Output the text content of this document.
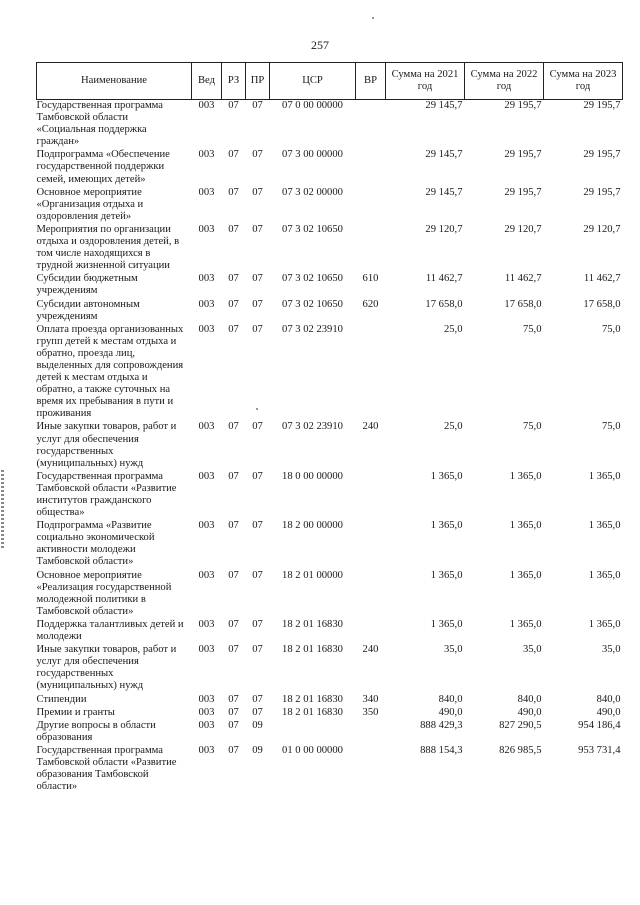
257
Наименование	Вед	РЗ	ПР	ЦСР	ВР	Сумма на 2021 год	Сумма на 2022 год	Сумма на 2023 год
Государственная программа Тамбовской области «Социальная поддержка граждан»	003	07	07	07 0 00 00000		29 145,7	29 195,7	29 195,7
Подпрограмма «Обеспечение государственной поддержки семей, имеющих детей»	003	07	07	07 3 00 00000		29 145,7	29 195,7	29 195,7
Основное мероприятие «Организация отдыха и оздоровления детей»	003	07	07	07 3 02 00000		29 145,7	29 195,7	29 195,7
Мероприятия по организации отдыха и оздоровления детей, в том числе находящихся в трудной жизненной ситуации	003	07	07	07 3 02 10650		29 120,7	29 120,7	29 120,7
Субсидии бюджетным учреждениям	003	07	07	07 3 02 10650	610	11 462,7	11 462,7	11 462,7
Субсидии автономным учреждениям	003	07	07	07 3 02 10650	620	17 658,0	17 658,0	17 658,0
Оплата проезда организованных групп детей к местам отдыха и обратно, проезда лиц, выделенных для сопровождения детей к местам отдыха и обратно, а также суточных на время их пребывания в пути и проживания	003	07	07	07 3 02 23910		25,0	75,0	75,0
Иные закупки товаров, работ и услуг для обеспечения государственных (муниципальных) нужд	003	07	07	07 3 02 23910	240	25,0	75,0	75,0
Государственная программа Тамбовской области «Развитие институтов гражданского общества»	003	07	07	18 0 00 00000		1 365,0	1 365,0	1 365,0
Подпрограмма «Развитие социально экономической активности молодежи Тамбовской области»	003	07	07	18 2 00 00000		1 365,0	1 365,0	1 365,0
Основное мероприятие «Реализация государственной молодежной политики в Тамбовской области»	003	07	07	18 2 01 00000		1 365,0	1 365,0	1 365,0
Поддержка талантливых детей и молодежи	003	07	07	18 2 01 16830		1 365,0	1 365,0	1 365,0
Иные закупки товаров, работ и услуг для обеспечения государственных (муниципальных) нужд	003	07	07	18 2 01 16830	240	35,0	35,0	35,0
Стипендии	003	07	07	18 2 01 16830	340	840,0	840,0	840,0
Премии и гранты	003	07	07	18 2 01 16830	350	490,0	490,0	490,0
Другие вопросы в области образования	003	07	09			888 429,3	827 290,5	954 186,4
Государственная программа Тамбовской области «Развитие образования Тамбовской области»	003	07	09	01 0 00 00000		888 154,3	826 985,5	953 731,4
